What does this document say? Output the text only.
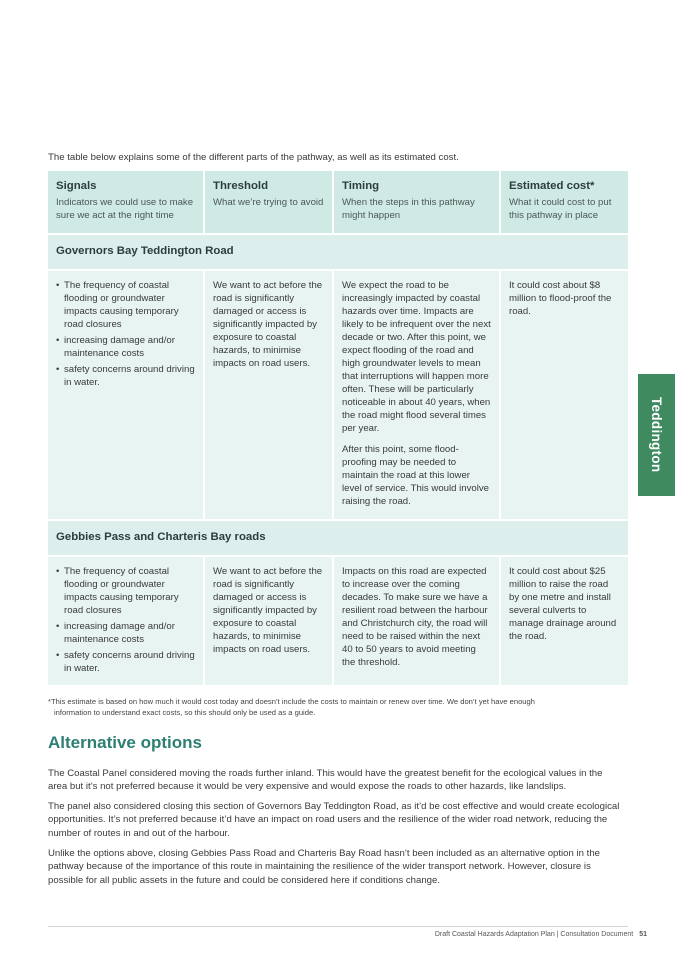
The table below explains some of the different parts of the pathway, as well as its estimated cost.
Signals
Indicators we could use to make sure we act at the right time
Threshold
What we’re trying to avoid
Timing
When the steps in this pathway might happen
Estimated cost*
What it could cost to put this pathway in place
Governors Bay Teddington Road
• The frequency of coastal flooding or groundwater impacts causing temporary road closures
• increasing damage and/or maintenance costs
• safety concerns around driving in water.
We want to act before the road is significantly damaged or access is significantly impacted by exposure to coastal hazards, to minimise impacts on road users.

We expect the road to be increasingly impacted by coastal hazards over time. Impacts are likely to be infrequent over the next decade or two. After this point, we expect flooding of the road and high groundwater levels to mean that interruptions will happen more often. These will be particularly noticeable in about 40 years, when the road might flood several times per year.

After this point, some flood-proofing may be needed to maintain the road at this lower level of service. This would involve raising the road.

It could cost about $8 million to flood-proof the road.
Gebbies Pass and Charteris Bay roads
• The frequency of coastal flooding or groundwater impacts causing temporary road closures
• increasing damage and/or maintenance costs
• safety concerns around driving in water.
We want to act before the road is significantly damaged or access is significantly impacted by exposure to coastal hazards, to minimise impacts on road users.
Impacts on this road are expected to increase over the coming decades. To make sure we have a resilient road between the harbour and Christchurch city, the road will need to be raised within the next 40 to 50 years to avoid meeting the threshold.
It could cost about $25 million to raise the road by one metre and install several culverts to manage drainage around the road.
*This estimate is based on how much it would cost today and doesn’t include the costs to maintain or renew over time. We don’t yet have enough
information to understand exact costs, so this should only be used as a guide.
Alternative options

The Coastal Panel considered moving the roads further inland. This would have the greatest benefit for the ecological values in the area but it’s not preferred because it would be very expensive and would expose the roads to other hazards, like landslips.

The panel also considered closing this section of Governors Bay Teddington Road, as it’d be cost effective and would create ecological opportunities. It’s not preferred because it’d have an impact on road users and the resilience of the wider road network, reducing the number of routes in and out of the harbour.

Unlike the options above, closing Gebbies Pass Road and Charteris Bay Road hasn’t been included as an alternative option in the pathway because of the importance of this route in maintaining the resilience of the wider transport network. However, closure is possible for all public assets in the future and could be considered here if conditions change.

Teddington
Draft Coastal Hazards Adaptation Plan | Consultation Document 51
